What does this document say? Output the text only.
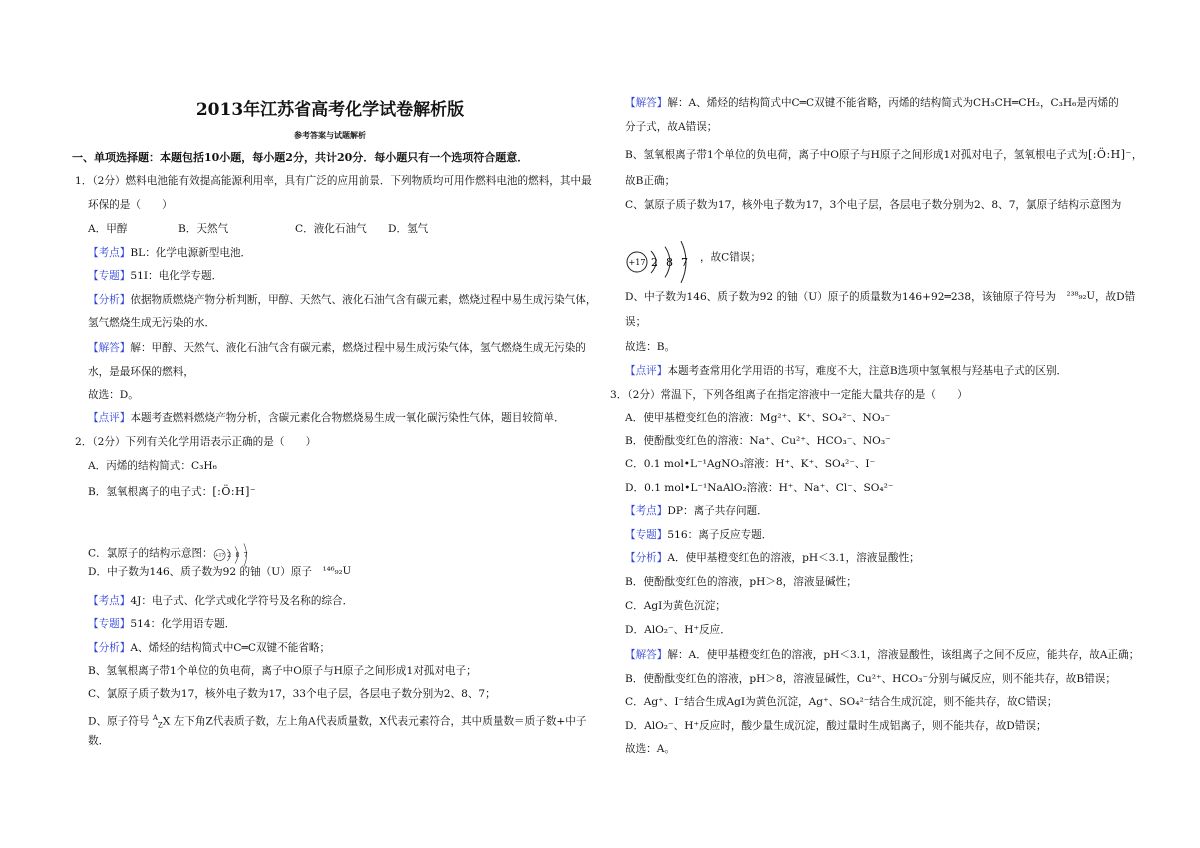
2013年江苏省高考化学试卷解析版
参考答案与试题解析
一、单项选择题：本题包括10小题，每小题2分，共计20分．每小题只有一个选项符合题意．
A．甲醇	B．天然气	C．液化石油气 D．氢气
1．（2分）燃料电池能有效提高能源利用率，具有广泛的应用前景．下列物质均可用作燃料电池的燃料，其中最
环保的是（　　）
【考点】BL：化学电源新型电池．
【专题】51I：电化学专题．
【分析】依据物质燃烧产物分析判断，甲醇、天然气、液化石油气含有碳元素，燃烧过程中易生成污染气体，
氢气燃烧生成无污染的水．
【解答】解：甲醇、天然气、液化石油气含有碳元素，燃烧过程中易生成污染气体，氢气燃烧生成无污染的
水，是最环保的燃料，
故选：D。
【点评】本题考查燃料燃烧产物分析，含碳元素化合物燃烧易生成一氧化碳污染性气体，题目较简单．
2．（2分）下列有关化学用语表示正确的是（　　）
A．丙烯的结构简式：C₃H₆
B．氢氧根离子的电子式：[:Ö:H]⁻
C．氯原子的结构示意图： +17 2 8 7
D．中子数为146、质子数为92 的铀（U）原子　¹⁴⁶₉₂U
【考点】4J：电子式、化学式或化学符号及名称的综合．
【专题】514：化学用语专题．
【分析】A、烯烃的结构简式中C═C双键不能省略；
B、氢氧根离子带1个单位的负电荷，离子中O原子与H原子之间形成1对孤对电子；
C、氯原子质子数为17，核外电子数为17，33个电子层，各层电子数分别为2、8、7；
D、原子符号 $^A_Z$X 左下角Z代表质子数，左上角A代表质量数，X代表元素符合，其中质量数＝质子数+中子
数．
【解答】解：A、烯烃的结构简式中C═C双键不能省略，丙烯的结构简式为CH₃CH═CH₂，C₃H₆是丙烯的
分子式，故A错误；
B、氢氧根离子带1个单位的负电荷，离子中O原子与H原子之间形成1对孤对电子，氢氧根电子式为[:Ö:H]⁻，
故B正确；
C、氯原子质子数为17，核外电子数为17，3个电子层，各层电子数分别为2、8、7，氯原子结构示意图为
+17 2 8 7 ，故C错误；
D、中子数为146、质子数为92 的铀（U）原子的质量数为146+92═238，该铀原子符号为　²³⁸₉₂U，故D错
误；
故选：B。
【点评】本题考查常用化学用语的书写，难度不大，注意B选项中氢氧根与羟基电子式的区别．
3．（2分）常温下，下列各组离子在指定溶液中一定能大量共存的是（　　）
A．使甲基橙变红色的溶液：Mg²⁺、K⁺、SO₄²⁻、NO₃⁻
B．使酚酞变红色的溶液：Na⁺、Cu²⁺、HCO₃⁻、NO₃⁻
C．0.1 mol•L⁻¹AgNO₃溶液：H⁺、K⁺、SO₄²⁻、I⁻
D．0.1 mol•L⁻¹NaAlO₂溶液：H⁺、Na⁺、Cl⁻、SO₄²⁻
【考点】DP：离子共存问题．
【专题】516：离子反应专题．
【分析】A．使甲基橙变红色的溶液，pH＜3.1，溶液显酸性；
B．使酚酞变红色的溶液，pH＞8，溶液显碱性；
C．AgI为黄色沉淀；
D．AlO₂⁻、H⁺反应．
【解答】解：A．使甲基橙变红色的溶液，pH＜3.1，溶液显酸性，该组离子之间不反应，能共存，故A正确；
B．使酚酞变红色的溶液，pH＞8，溶液显碱性，Cu²⁺、HCO₃⁻分别与碱反应，则不能共存，故B错误；
C．Ag⁺、I⁻结合生成AgI为黄色沉淀，Ag⁺、SO₄²⁻结合生成沉淀，则不能共存，故C错误；
D．AlO₂⁻、H⁺反应时，酸少量生成沉淀，酸过量时生成铝离子，则不能共存，故D错误；
故选：A。
